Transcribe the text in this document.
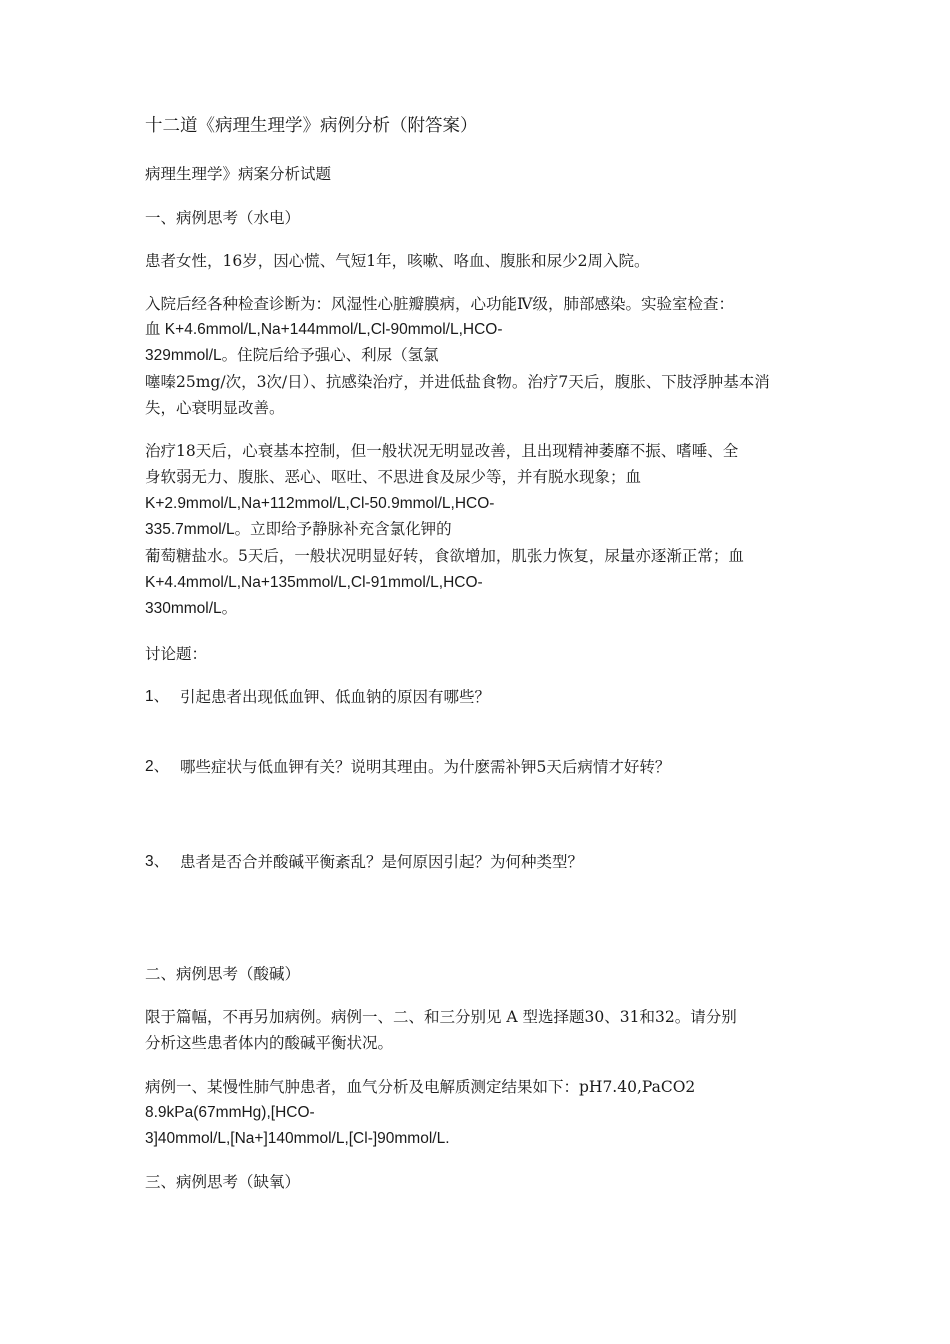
十二道《病理生理学》病例分析（附答案）
病理生理学》病案分析试题
一、病例思考（水电）
患者女性，16岁，因心慌、气短1年，咳嗽、咯血、腹胀和尿少2周入院。
入院后经各种检查诊断为：风湿性心脏瓣膜病，心功能Ⅳ级，肺部感染。实验室检查：
血 K+4.6mmol/L,Na+144mmol/L,Cl-90mmol/L,HCO-
329mmol/L。住院后给予强心、利尿（氢氯
噻嗪25mg/次，3次/日）、抗感染治疗，并进低盐食物。治疗7天后，腹胀、下肢浮肿基本消
失，心衰明显改善。
治疗18天后，心衰基本控制，但一般状况无明显改善，且出现精神萎靡不振、嗜唾、全
身软弱无力、腹胀、恶心、呕吐、不思进食及尿少等，并有脱水现象；血
K+2.9mmol/L,Na+112mmol/L,Cl-50.9mmol/L,HCO-
335.7mmol/L。立即给予静脉补充含氯化钾的
葡萄糖盐水。5天后，一般状况明显好转，食欲增加，肌张力恢复，尿量亦逐渐正常；血
K+4.4mmol/L,Na+135mmol/L,Cl-91mmol/L,HCO-
330mmol/L。
讨论题：
1、 引起患者出现低血钾、低血钠的原因有哪些？
2、 哪些症状与低血钾有关？说明其理由。为什麽需补钾5天后病情才好转？
3、 患者是否合并酸碱平衡紊乱？是何原因引起？为何种类型？
二、病例思考（酸碱）
限于篇幅，不再另加病例。病例一、二、和三分别见 A 型选择题30、31和32。请分别
分析这些患者体内的酸碱平衡状况。
病例一、某慢性肺气肿患者，血气分析及电解质测定结果如下：pH7.40,PaCO2
8.9kPa(67mmHg),[HCO-
3]40mmol/L,[Na+]140mmol/L,[Cl-]90mmol/L.
三、病例思考（缺氧）
